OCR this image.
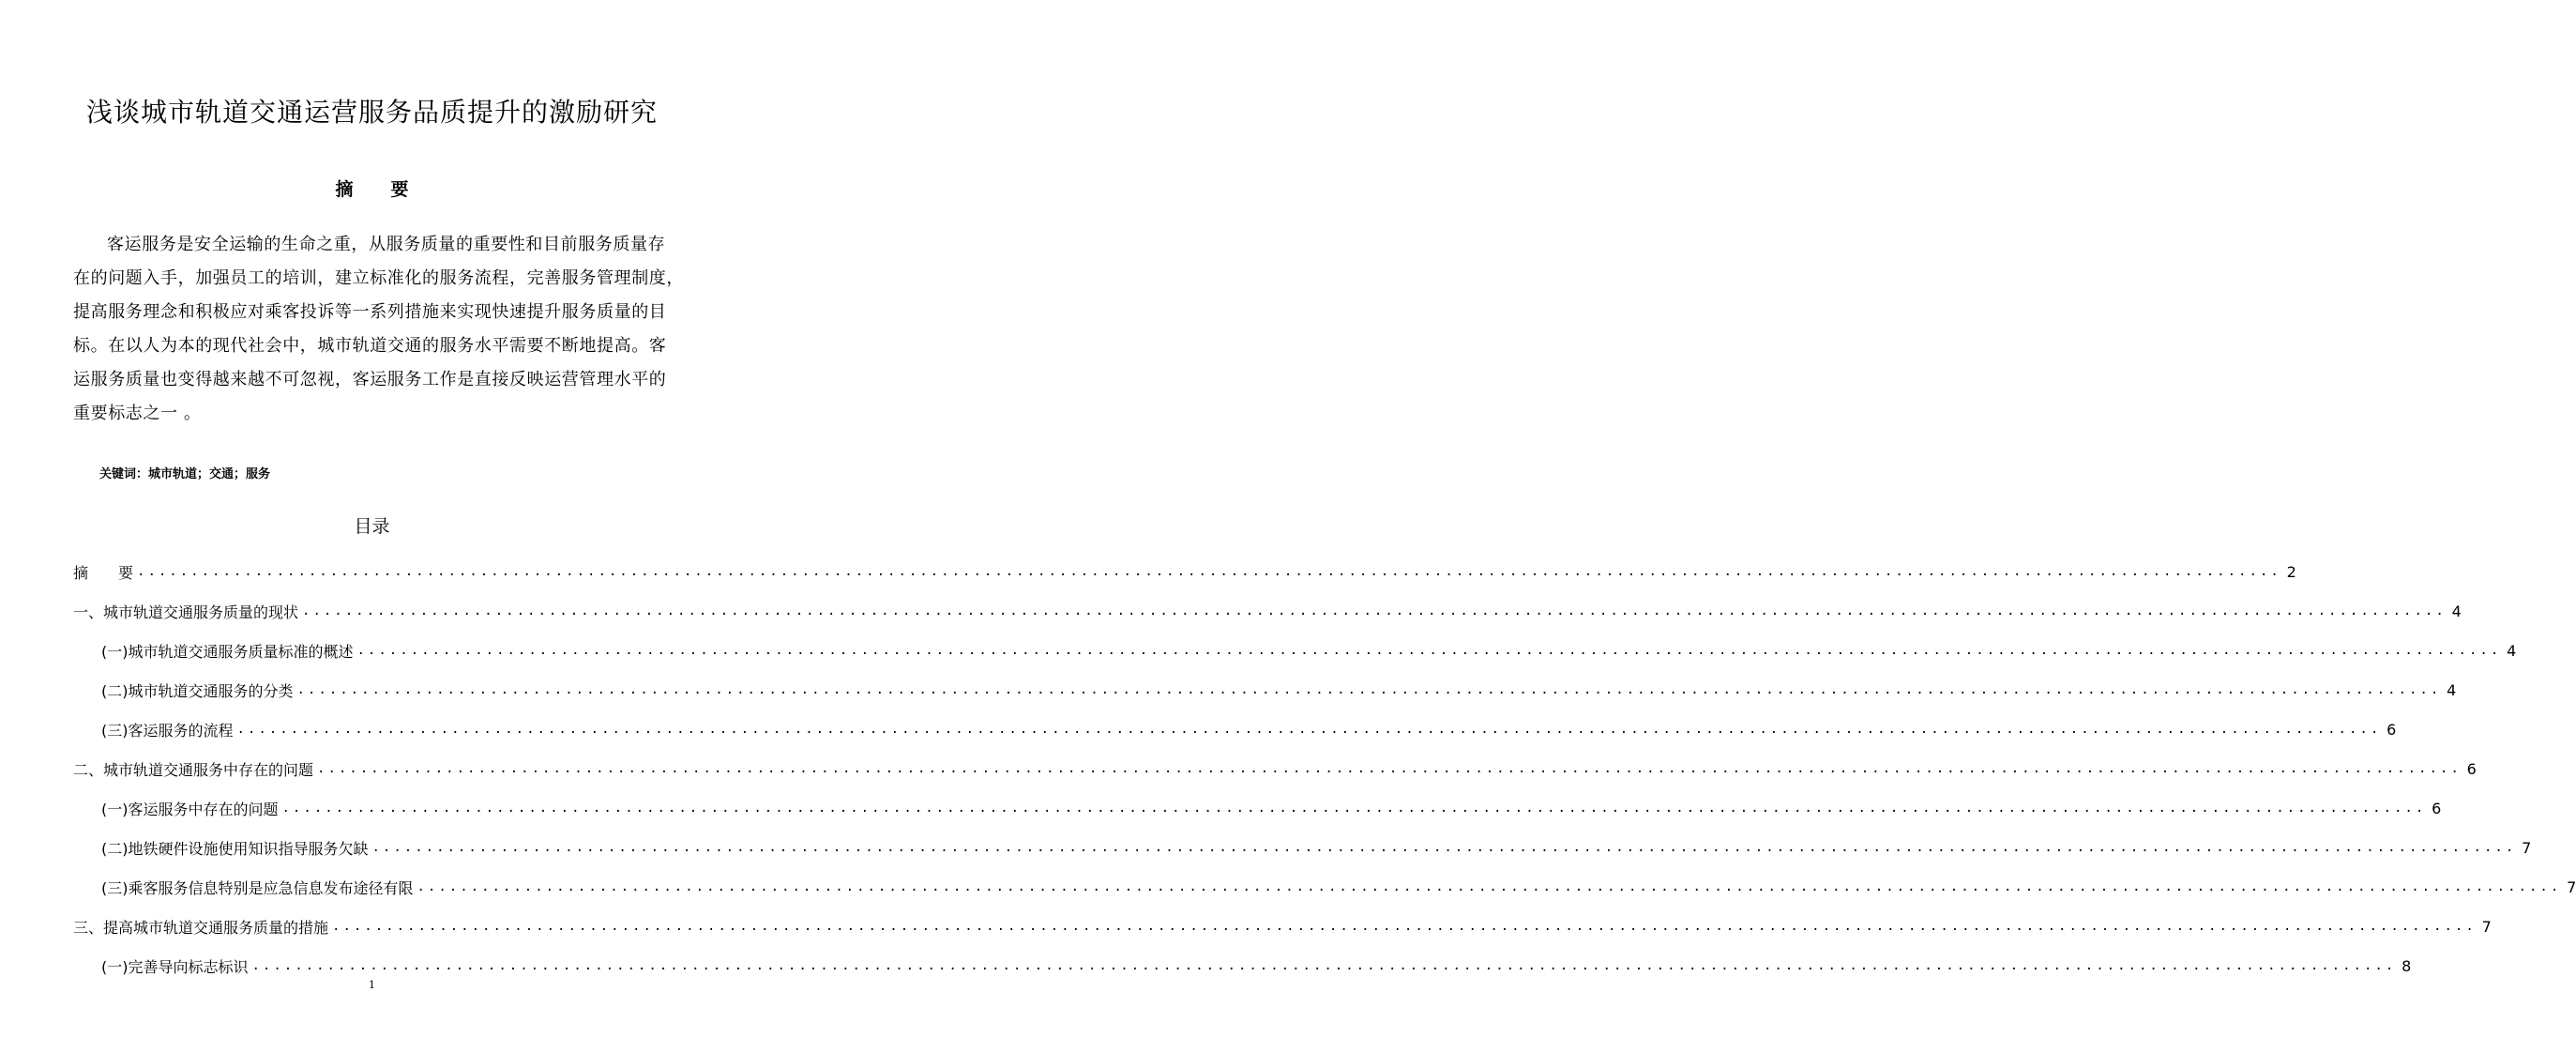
浅谈城市轨道交通运营服务品质提升的激励研究
摘 要
客运服务是安全运输的生命之重，从服务质量的重要性和目前服务质量存
在的问题入手，加强员工的培训，建立标准化的服务流程，完善服务管理制度，
提高服务理念和积极应对乘客投诉等一系列措施来实现快速提升服务质量的目
标。在以人为本的现代社会中，城市轨道交通的服务水平需要不断地提高。客
运服务质量也变得越来越不可忽视，客运服务工作是直接反映运营管理水平的
重要标志之一 。
关键词：城市轨道；交通；服务
目录
摘　　要 ........................................................................................................................................................................................................ 2
一、城市轨道交通服务质量的现状 ........................................................................................................................................................................................................ 4
(一)城市轨道交通服务质量标准的概述 ........................................................................................................................................................................................................ 4
(二)城市轨道交通服务的分类 ........................................................................................................................................................................................................ 4
(三)客运服务的流程 ........................................................................................................................................................................................................ 6
二、城市轨道交通服务中存在的问题 ........................................................................................................................................................................................................ 6
(一)客运服务中存在的问题 ........................................................................................................................................................................................................ 6
(二)地铁硬件设施使用知识指导服务欠缺 ........................................................................................................................................................................................................ 7
(三)乘客服务信息特别是应急信息发布途径有限 ........................................................................................................................................................................................................ 7
三、提高城市轨道交通服务质量的措施 ........................................................................................................................................................................................................ 7
(一)完善导向标志标识 ........................................................................................................................................................................................................ 8
1
